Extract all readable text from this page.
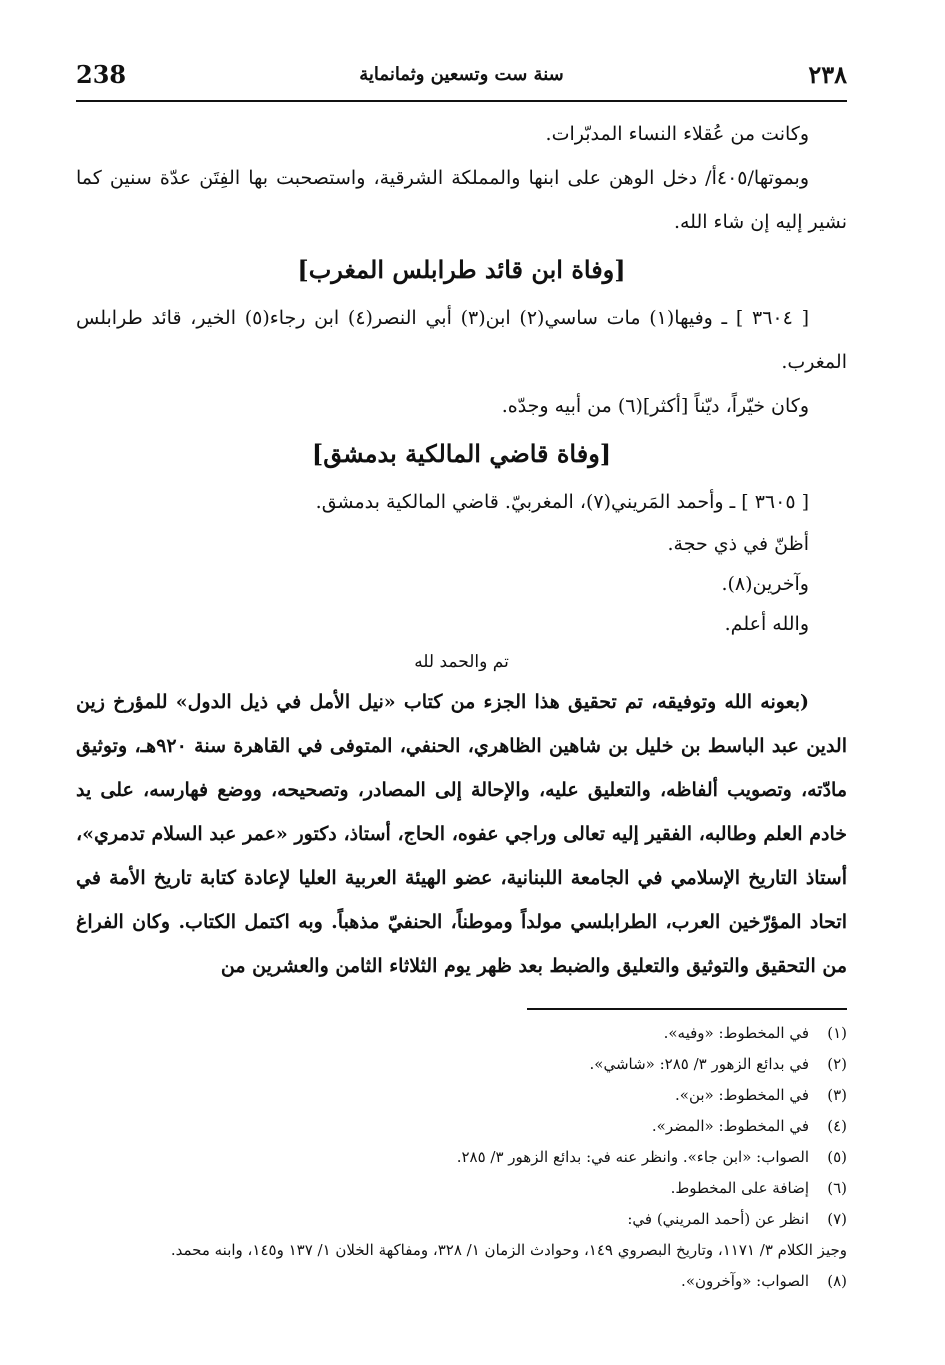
٢٣٨
سنة ست وتسعين وثمانماية
238

وكانت من عُقلاء النساء المدبّرات.

وبموتها/٤٠٥أ/ دخل الوهن على ابنها والمملكة الشرقية، واستصحبت بها الفِتَن عدّة سنين كما نشير إليه إن شاء الله.

[وفاة ابن قائد طرابلس المغرب]

[ ٣٦٠٤ ] ـ وفيها(١) مات ساسي(٢) ابن(٣) أبي النصر(٤) ابن رجاء(٥) الخير، قائد طرابلس المغرب.

وكان خيّراً، ديّناً [أكثر](٦) من أبيه وجدّه.

[وفاة قاضي المالكية بدمشق]

[ ٣٦٠٥ ] ـ وأحمد المَريني(٧)، المغربيّ. قاضي المالكية بدمشق.

أظنّ في ذي حجة.

وآخرين(٨).

والله أعلم.

تم والحمد لله

(بعونه الله وتوفيقه، تم تحقيق هذا الجزء من كتاب «نيل الأمل في ذيل الدول» للمؤرخ زين الدين عبد الباسط بن خليل بن شاهين الظاهري، الحنفي، المتوفى في القاهرة سنة ٩٢٠هـ، وتوثيق مادّته، وتصويب ألفاظه، والتعليق عليه، والإحالة إلى المصادر، وتصحيحه، ووضع فهارسه، على يد خادم العلم وطالبه، الفقير إليه تعالى وراجي عفوه، الحاج، أستاذ، دكتور «عمر عبد السلام تدمري»، أستاذ التاريخ الإسلامي في الجامعة اللبنانية، عضو الهيئة العربية العليا لإعادة كتابة تاريخ الأمة في اتحاد المؤرّخين العرب، الطرابلسي مولداً وموطناً، الحنفيّ مذهباً. وبه اكتمل الكتاب. وكان الفراغ من التحقيق والتوثيق والتعليق والضبط بعد ظهر يوم الثلاثاء الثامن والعشرين من

(١)في المخطوط: «وفيه».

(٢)في بدائع الزهور ٣/ ٢٨٥: «شاشي».

(٣)في المخطوط: «بن».

(٤)في المخطوط: «المضر».

(٥)الصواب: «ابن جاء». وانظر عنه في: بدائع الزهور ٣/ ٢٨٥.

(٦)إضافة على المخطوط.

(٧)انظر عن (أحمد المريني) في:

وجيز الكلام ٣/ ١١٧١، وتاريخ البصروي ١٤٩، وحوادث الزمان ١/ ٣٢٨، ومفاكهة الخلان ١/ ١٣٧ و١٤٥، وابنه محمد.

(٨)الصواب: «وآخرون».
